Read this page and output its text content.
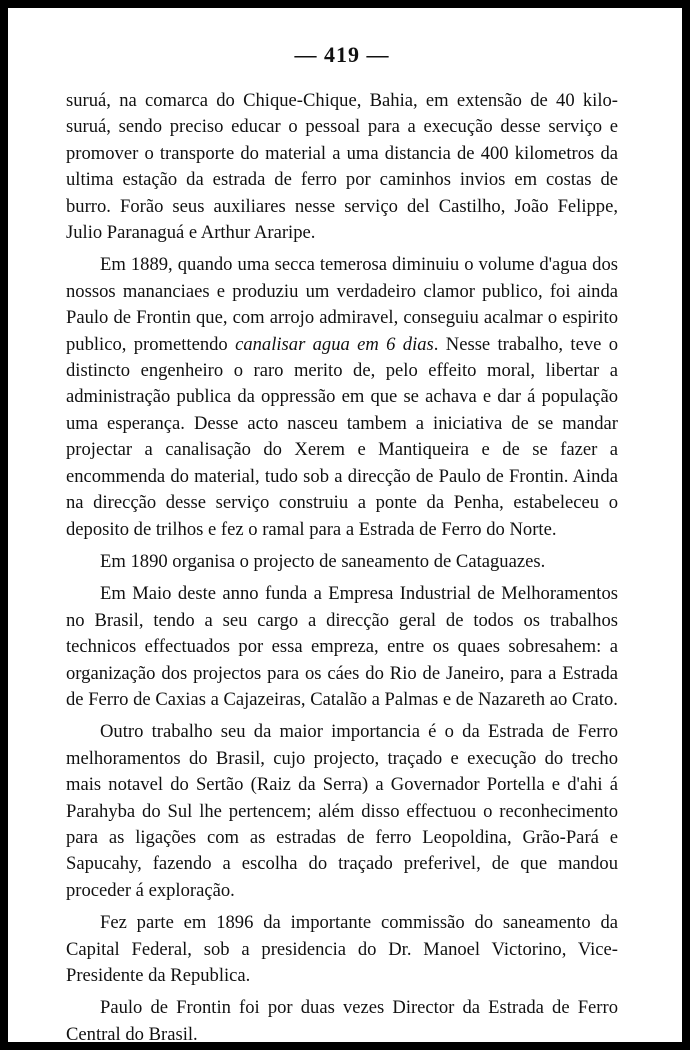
— 419 —

suruá, na comarca do Chique-Chique, Bahia, em extensão de 40 kilo-suruá, sendo preciso educar o pessoal para a execução desse serviço e promover o transporte do material a uma distancia de 400 kilometros da ultima estação da estrada de ferro por caminhos invios em costas de burro. Forão seus auxiliares nesse serviço del Castilho, João Felippe, Julio Paranaguá e Arthur Araripe.

Em 1889, quando uma secca temerosa diminuiu o volume d'agua dos nossos mananciaes e produziu um verdadeiro clamor publico, foi ainda Paulo de Frontin que, com arrojo admiravel, conseguiu acalmar o espirito publico, promettendo canalisar agua em 6 dias. Nesse trabalho, teve o distincto engenheiro o raro merito de, pelo effeito moral, libertar a administração publica da oppressão em que se achava e dar á população uma esperança. Desse acto nasceu tambem a iniciativa de se mandar projectar a canalisação do Xerem e Mantiqueira e de se fazer a encommenda do material, tudo sob a direcção de Paulo de Frontin. Ainda na direcção desse serviço construiu a ponte da Penha, estabeleceu o deposito de trilhos e fez o ramal para a Estrada de Ferro do Norte.

Em 1890 organisa o projecto de saneamento de Cataguazes.

Em Maio deste anno funda a Empresa Industrial de Melhoramentos no Brasil, tendo a seu cargo a direcção geral de todos os trabalhos technicos effectuados por essa empreza, entre os quaes sobresahem: a organização dos projectos para os cáes do Rio de Janeiro, para a Estrada de Ferro de Caxias a Cajazeiras, Catalão a Palmas e de Nazareth ao Crato.

Outro trabalho seu da maior importancia é o da Estrada de Ferro melhoramentos do Brasil, cujo projecto, traçado e execução do trecho mais notavel do Sertão (Raiz da Serra) a Governador Portella e d'ahi á Parahyba do Sul lhe pertencem; além disso effectuou o reconhecimento para as ligações com as estradas de ferro Leopoldina, Grão-Pará e Sapucahy, fazendo a escolha do traçado preferivel, de que mandou proceder á exploração.

Fez parte em 1896 da importante commissão do saneamento da Capital Federal, sob a presidencia do Dr. Manoel Victorino, Vice-Presidente da Republica.

Paulo de Frontin foi por duas vezes Director da Estrada de Ferro Central do Brasil.
